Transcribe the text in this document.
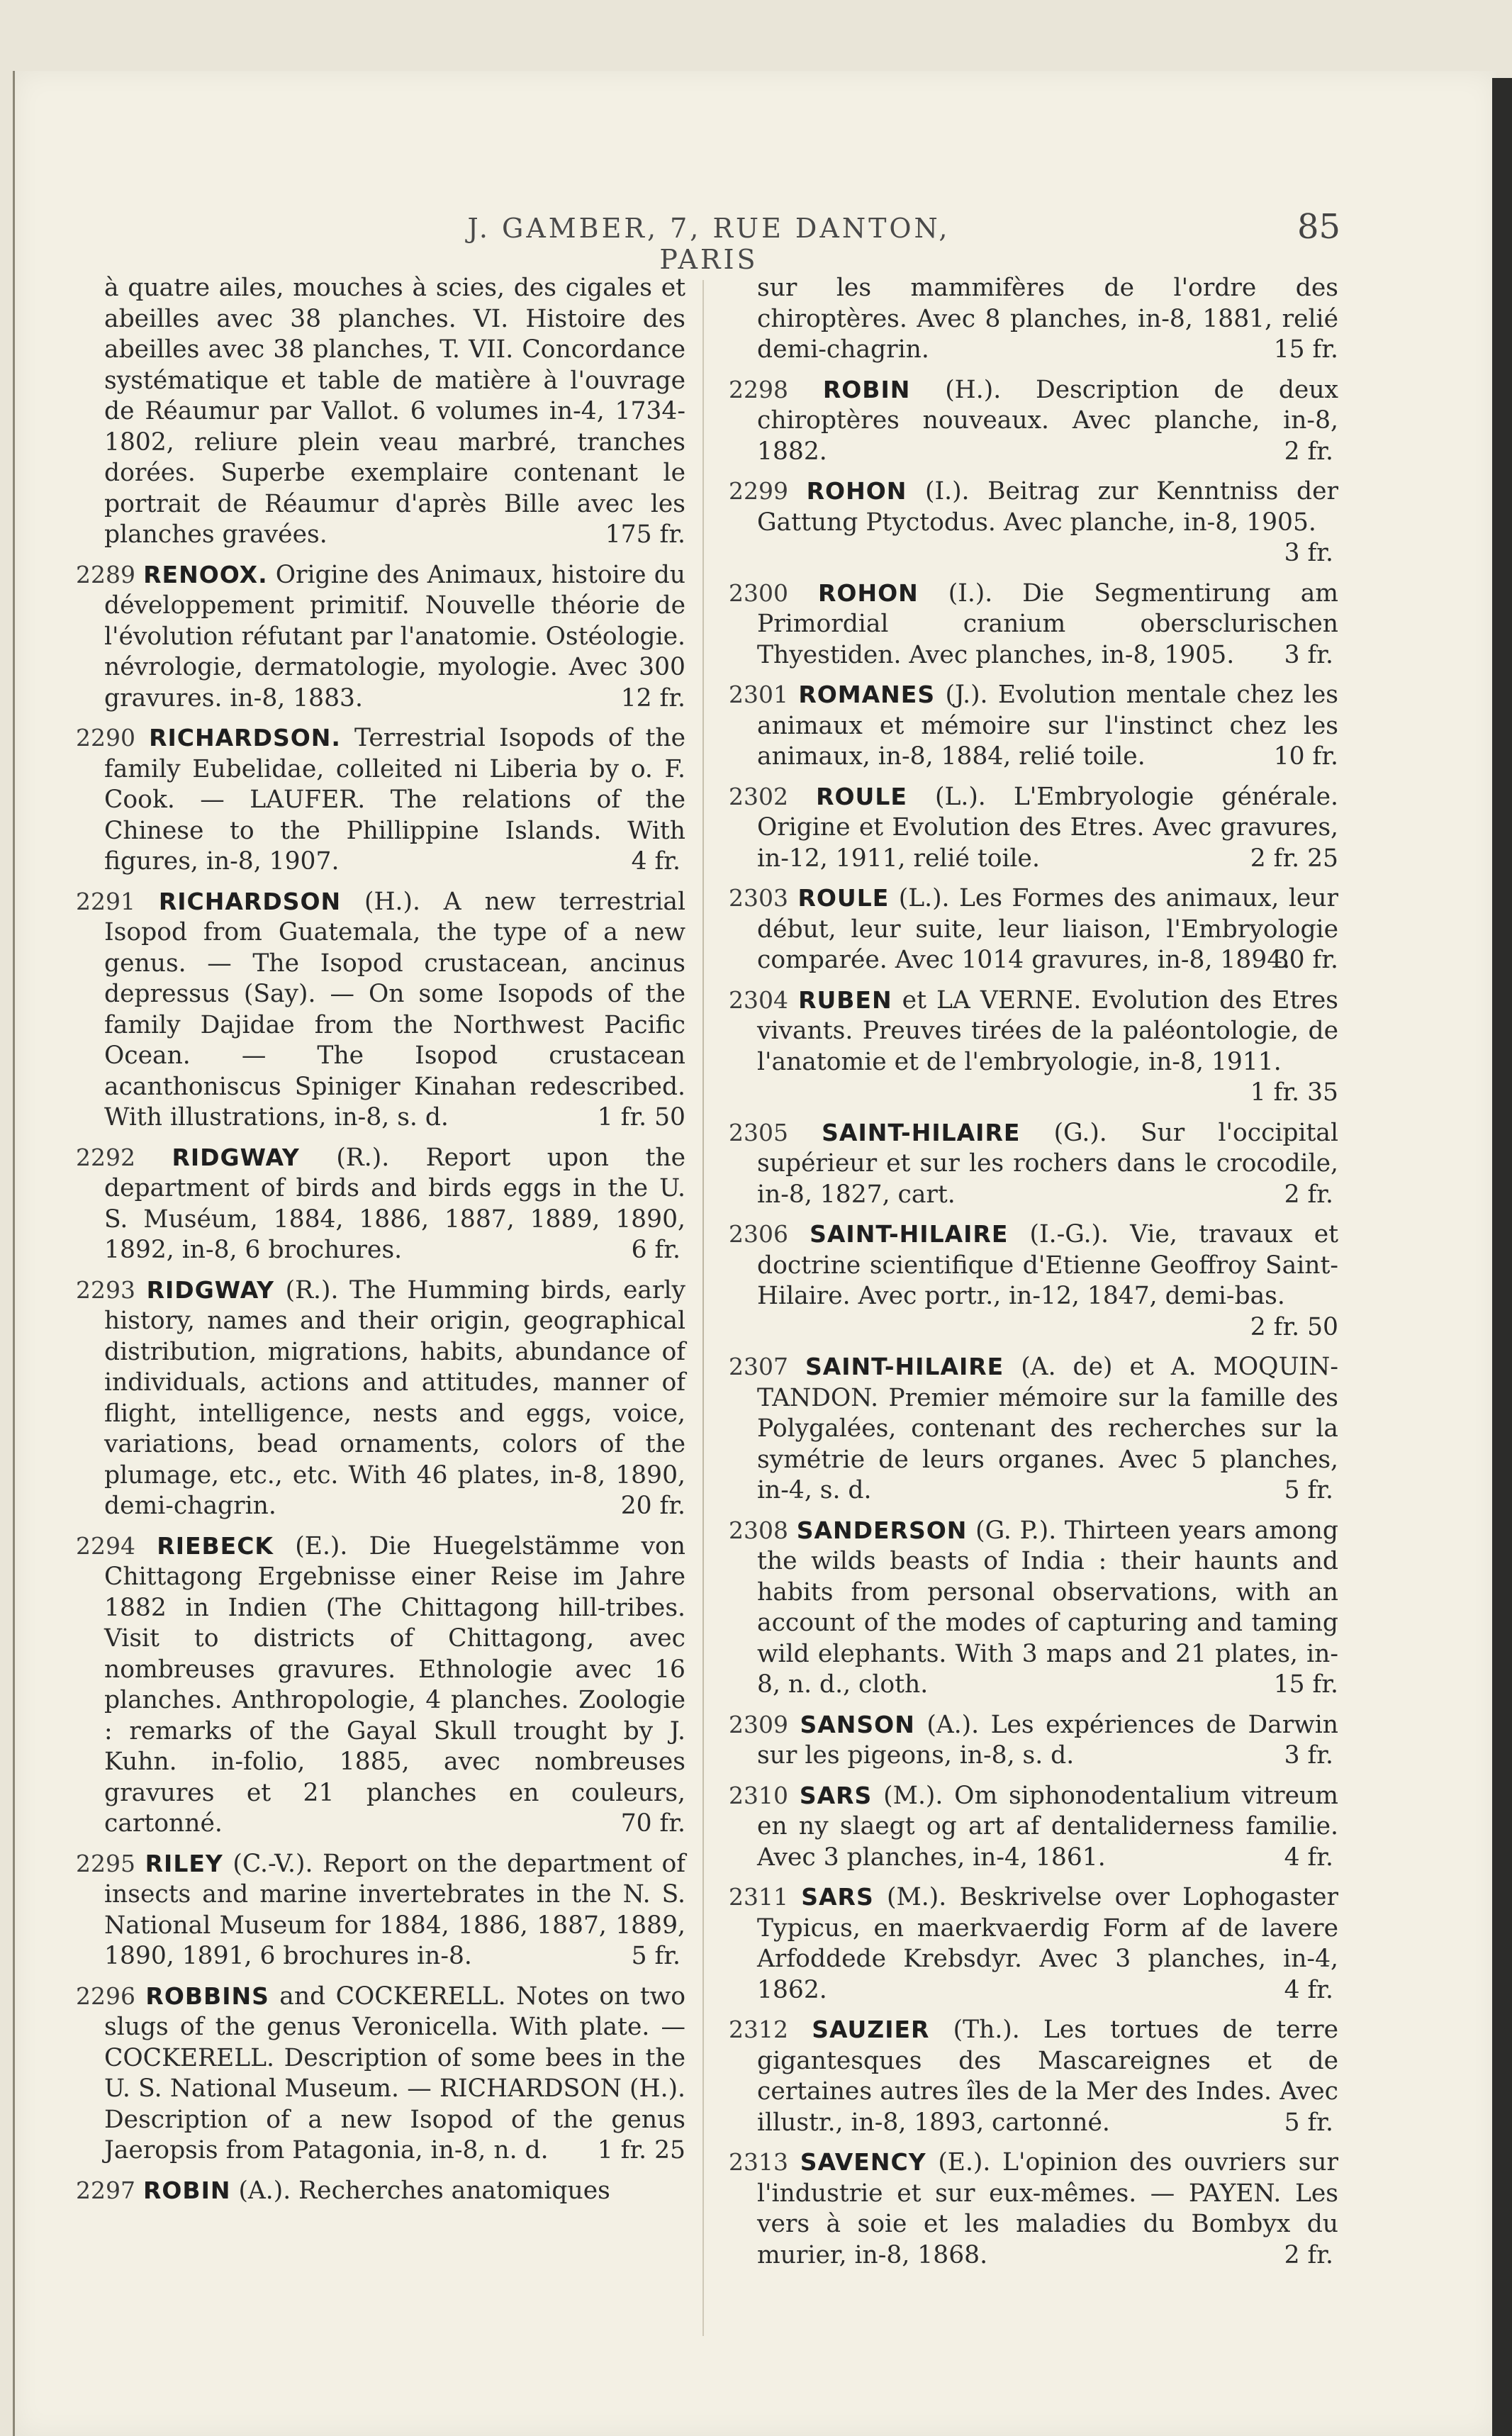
J. GAMBER, 7, RUE DANTON, PARIS
85
à quatre ailes, mouches à scies, des cigales et abeilles avec 38 planches. VI. Histoire des abeilles avec 38 planches, T. VII. Concordance systématique et table de matière à l'ouvrage de Réaumur par Vallot. 6 volumes in-4, 1734-1802, reliure plein veau marbré, tranches dorées. Superbe exemplaire contenant le portrait de Réaumur d'après Bille avec les planches gravées.	175 fr.
2289 RENOOX. Origine des Animaux, histoire du développement primitif. Nouvelle théorie de l'évolution réfutant par l'anatomie. Ostéologie. névrologie, dermatologie, myologie. Avec 300 gravures. in-8, 1883.	12 fr.
2290 RICHARDSON. Terrestrial Isopods of the family Eubelidae, colleited ni Liberia by o. F. Cook. — LAUFER. The relations of the Chinese to the Phillippine Islands. With figures, in-8, 1907.	4 fr.
2291 RICHARDSON (H.). A new terrestrial Isopod from Guatemala, the type of a new genus. — The Isopod crustacean, ancinus depressus (Say). — On some Isopods of the family Dajidae from the Northwest Pacific Ocean. — The Isopod crustacean acanthoniscus Spiniger Kinahan redescribed. With illustrations, in-8, s. d.	1 fr. 50
2292 RIDGWAY (R.). Report upon the department of birds and birds eggs in the U. S. Muséum, 1884, 1886, 1887, 1889, 1890, 1892, in-8, 6 brochures.	6 fr.
2293 RIDGWAY (R.). The Humming birds, early history, names and their origin, geographical distribution, migrations, habits, abundance of individuals, actions and attitudes, manner of flight, intelligence, nests and eggs, voice, variations, bead ornaments, colors of the plumage, etc., etc. With 46 plates, in-8, 1890, demi-chagrin.	20 fr.
2294 RIEBECK (E.). Die Huegelstämme von Chittagong Ergebnisse einer Reise im Jahre 1882 in Indien (The Chittagong hill-tribes. Visit to districts of Chittagong, avec nombreuses gravures. Ethnologie avec 16 planches. Anthropologie, 4 planches. Zoologie : remarks of the Gayal Skull trought by J. Kuhn. in-folio, 1885, avec nombreuses gravures et 21 planches en couleurs, cartonné.	70 fr.
2295 RILEY (C.-V.). Report on the department of insects and marine invertebrates in the N. S. National Museum for 1884, 1886, 1887, 1889, 1890, 1891, 6 brochures in-8.	5 fr.
2296 ROBBINS and COCKERELL. Notes on two slugs of the genus Veronicella. With plate. — COCKERELL. Description of some bees in the U. S. National Museum. — RICHARDSON (H.). Description of a new Isopod of the genus Jaeropsis from Patagonia, in-8, n. d. 1 fr. 25
2297 ROBIN (A.). Recherches anatomiques
sur les mammifères de l'ordre des chiroptères. Avec 8 planches, in-8, 1881, relié demi-chagrin.	15 fr.
2298 ROBIN (H.). Description de deux chiroptères nouveaux. Avec planche, in-8, 1882.	2 fr.
2299 ROHON (I.). Beitrag zur Kenntniss der Gattung Ptyctodus. Avec planche, in-8, 1905.
3 fr.
2300 ROHON (I.). Die Segmentirung am Primordial cranium obersclurischen Thyestiden. Avec planches, in-8, 1905. 3 fr.
2301 ROMANES (J.). Evolution mentale chez les animaux et mémoire sur l'instinct chez les animaux, in-8, 1884, relié toile.	10 fr.
2302 ROULE (L.). L'Embryologie générale. Origine et Evolution des Etres. Avec gravures, in-12, 1911, relié toile.	2 fr. 25
2303 ROULE (L.). Les Formes des animaux, leur début, leur suite, leur liaison, l'Embryologie comparée. Avec 1014 gravures, in-8, 1894.
30 fr.
2304 RUBEN et LA VERNE. Evolution des Etres vivants. Preuves tirées de la paléontologie, de l'anatomie et de l'embryologie, in-8, 1911.
1 fr. 35
2305 SAINT-HILAIRE (G.). Sur l'occipital supérieur et sur les rochers dans le crocodile, in-8, 1827, cart.	2 fr.
2306 SAINT-HILAIRE (I.-G.). Vie, travaux et doctrine scientifique d'Etienne Geoffroy Saint-Hilaire. Avec portr., in-12, 1847, demi-bas.
2 fr. 50
2307 SAINT-HILAIRE (A. de) et A. MOQUIN-TANDON. Premier mémoire sur la famille des Polygalées, contenant des recherches sur la symétrie de leurs organes. Avec 5 planches, in-4, s. d.	5 fr.
2308 SANDERSON (G. P.). Thirteen years among the wilds beasts of India : their haunts and habits from personal observations, with an account of the modes of capturing and taming wild elephants. With 3 maps and 21 plates, in-8, n. d., cloth.	15 fr.
2309 SANSON (A.). Les expériences de Darwin sur les pigeons, in-8, s. d.	3 fr.
2310 SARS (M.). Om siphonodentalium vitreum en ny slaegt og art af dentaliderness familie. Avec 3 planches, in-4, 1861.	4 fr.
2311 SARS (M.). Beskrivelse over Lophogaster Typicus, en maerkvaerdig Form af de lavere Arfoddede Krebsdyr. Avec 3 planches, in-4, 1862.	4 fr.
2312 SAUZIER (Th.). Les tortues de terre gigantesques des Mascareignes et de certaines autres îles de la Mer des Indes. Avec illustr., in-8, 1893, cartonné.	5 fr.
2313 SAVENCY (E.). L'opinion des ouvriers sur l'industrie et sur eux-mêmes. — PAYEN. Les vers à soie et les maladies du Bombyx du murier, in-8, 1868.	2 fr.
